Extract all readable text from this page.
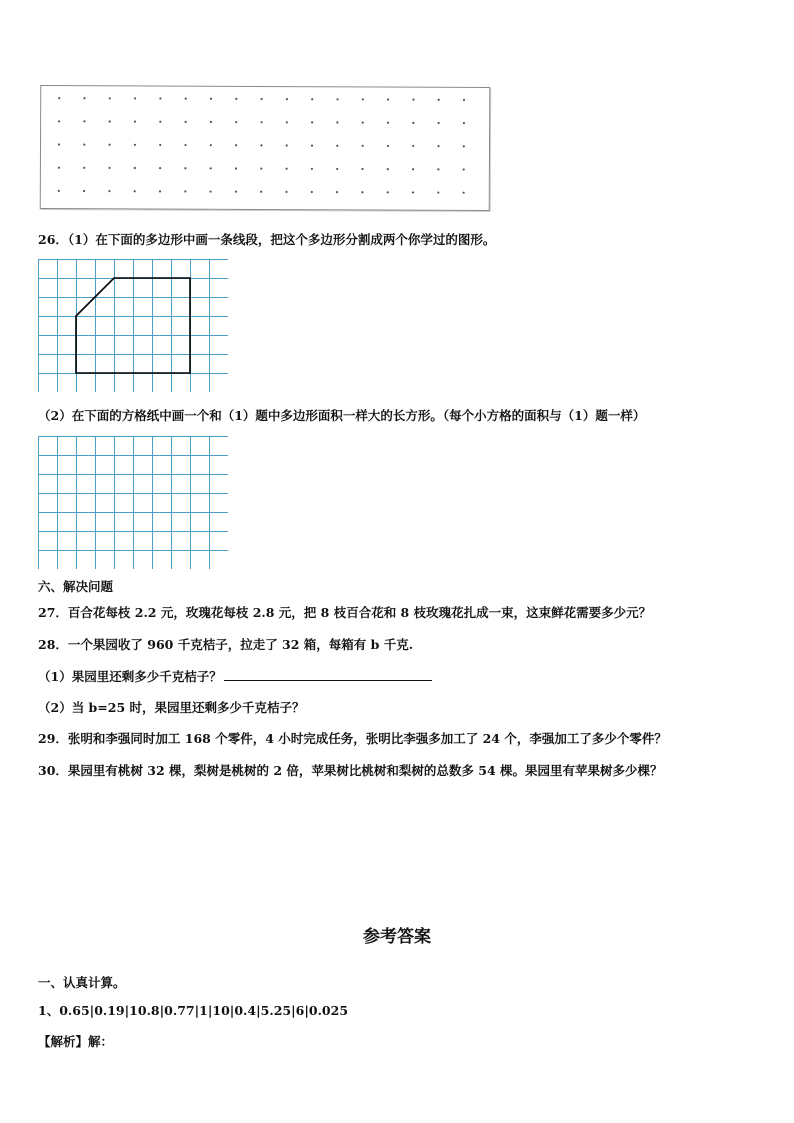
26．（1）在下面的多边形中画一条线段，把这个多边形分割成两个你学过的图形。
（2）在下面的方格纸中画一个和（1）题中多边形面积一样大的长方形。（每个小方格的面积与（1）题一样）
六、解决问题
27．百合花每枝 2.2 元，玫瑰花每枝 2.8 元，把 8 枝百合花和 8 枝玫瑰花扎成一束，这束鲜花需要多少元？
28．一个果园收了 960 千克桔子，拉走了 32 箱，每箱有 b 千克.
（1）果园里还剩多少千克桔子？
（2）当 b=25 时，果园里还剩多少千克桔子？
29．张明和李强同时加工 168 个零件，4 小时完成任务，张明比李强多加工了 24 个，李强加工了多少个零件？
30．果园里有桃树 32 棵，梨树是桃树的 2 倍，苹果树比桃树和梨树的总数多 54 棵。果园里有苹果树多少棵？
参考答案
一、认真计算。
1、0.65|0.19|10.8|0.77|1|10|0.4|5.25|6|0.025
【解析】解：
